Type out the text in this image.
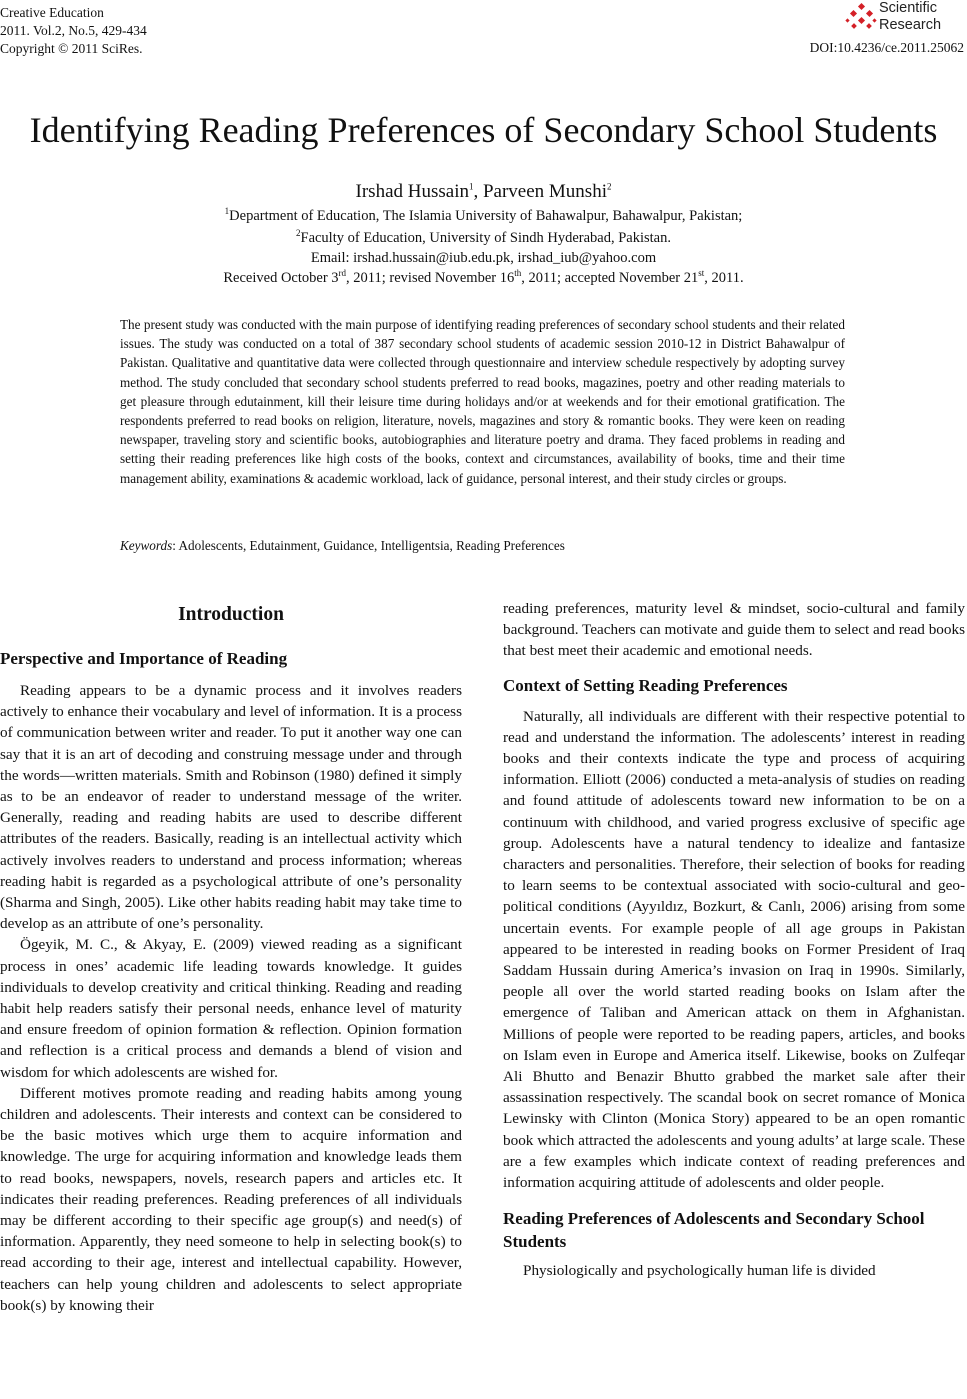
Creative Education
2011. Vol.2, No.5, 429-434
Copyright © 2011 SciRes.
Scientific
Research
DOI:10.4236/ce.2011.25062
Identifying Reading Preferences of Secondary School Students
Irshad Hussain$^1$, Parveen Munshi$^2$
$^1$Department of Education, The Islamia University of Bahawalpur, Bahawalpur, Pakistan;
$^2$Faculty of Education, University of Sindh Hyderabad, Pakistan.
Email: irshad.hussain@iub.edu.pk, irshad_iub@yahoo.com
Received October 3rd, 2011; revised November 16th, 2011; accepted November 21st, 2011.

The present study was conducted with the main purpose of identifying reading preferences of secondary school students and their related issues. The study was conducted on a total of 387 secondary school students of academic session 2010-12 in District Bahawalpur of Pakistan. Qualitative and quantitative data were collected through questionnaire and interview schedule respectively by adopting survey method. The study concluded that secondary school students preferred to read books, magazines, poetry and other reading materials to get pleasure through edutainment, kill their leisure time during holidays and/or at weekends and for their emotional gratification. The respondents preferred to read books on religion, literature, novels, magazines and story & romantic books. They were keen on reading newspaper, traveling story and scientific books, autobiographies and literature poetry and drama. They faced problems in reading and setting their reading preferences like high costs of the books, context and circumstances, availability of books, time and their time management ability, examinations & academic workload, lack of guidance, personal interest, and their study circles or groups.

Keywords: Adolescents, Edutainment, Guidance, Intelligentsia, Reading Preferences
Introduction
Perspective and Importance of Reading

Reading appears to be a dynamic process and it involves readers actively to enhance their vocabulary and level of information. It is a process of communication between writer and reader. To put it another way one can say that it is an art of decoding and construing message under and through the words—written materials. Smith and Robinson (1980) defined it simply as to be an endeavor of reader to understand message of the writer. Generally, reading and reading habits are used to describe different attributes of the readers. Basically, reading is an intellectual activity which actively involves readers to understand and process information; whereas reading habit is regarded as a psychological attribute of one’s personality (Sharma and Singh, 2005). Like other habits reading habit may take time to develop as an attribute of one’s personality.

Ögeyik, M. C., & Akyay, E. (2009) viewed reading as a significant process in ones’ academic life leading towards knowledge. It guides individuals to develop creativity and critical thinking. Reading and reading habit help readers satisfy their personal needs, enhance level of maturity and ensure freedom of opinion formation & reflection. Opinion formation and reflection is a critical process and demands a blend of vision and wisdom for which adolescents are wished for.

Different motives promote reading and reading habits among young children and adolescents. Their interests and context can be considered to be the basic motives which urge them to acquire information and knowledge. The urge for acquiring information and knowledge leads them to read books, newspapers, novels, research papers and articles etc. It indicates their reading preferences. Reading preferences of all individuals may be different according to their specific age group(s) and need(s) of information. Apparently, they need someone to help in selecting book(s) to read according to their age, interest and intellectual capability. However, teachers can help young children and adolescents to select appropriate book(s) by knowing their

reading preferences, maturity level & mindset, socio-cultural and family background. Teachers can motivate and guide them to select and read books that best meet their academic and emotional needs.

Context of Setting Reading Preferences

Naturally, all individuals are different with their respective potential to read and understand the information. The adolescents’ interest in reading books and their contexts indicate the type and process of acquiring information. Elliott (2006) conducted a meta-analysis of studies on reading and found attitude of adolescents toward new information to be on a continuum with childhood, and varied progress exclusive of specific age group. Adolescents have a natural tendency to idealize and fantasize characters and personalities. Therefore, their selection of books for reading to learn seems to be contextual associated with socio-cultural and geo-political conditions (Ayyıldız, Bozkurt, & Canlı, 2006) arising from some uncertain events. For example people of all age groups in Pakistan appeared to be interested in reading books on Former President of Iraq Saddam Hussain during America’s invasion on Iraq in 1990s. Similarly, people all over the world started reading books on Islam after the emergence of Taliban and American attack on them in Afghanistan. Millions of people were reported to be reading papers, articles, and books on Islam even in Europe and America itself. Likewise, books on Zulfeqar Ali Bhutto and Benazir Bhutto grabbed the market sale after their assassination respectively. The scandal book on secret romance of Monica Lewinsky with Clinton (Monica Story) appeared to be an open romantic book which attracted the adolescents and young adults’ at large scale. These are a few examples which indicate context of reading preferences and information acquiring attitude of adolescents and older people.

Reading Preferences of Adolescents and Secondary School Students

Physiologically and psychologically human life is divided
